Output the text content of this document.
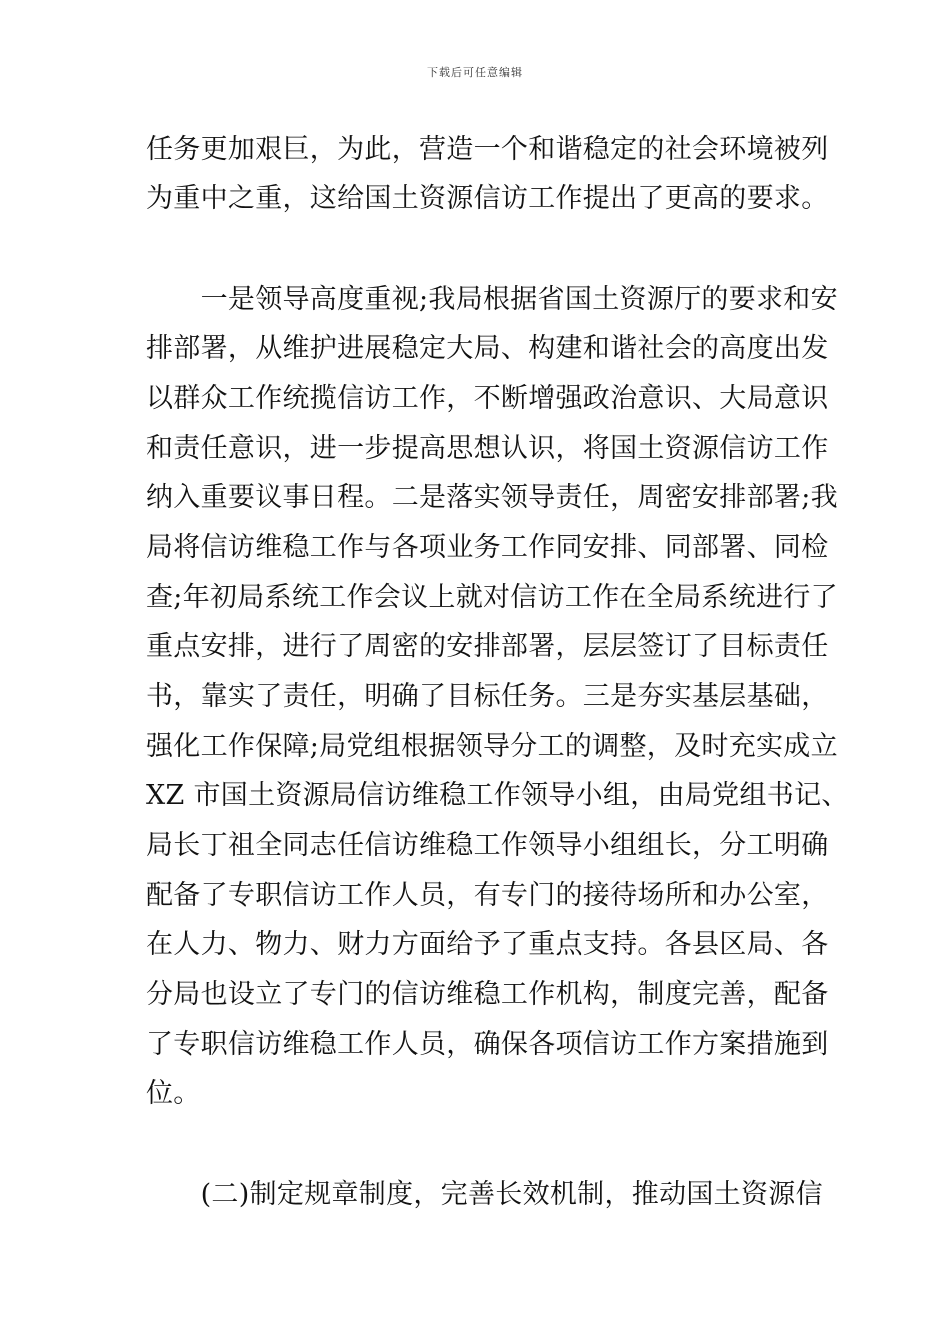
下载后可任意编辑
任务更加艰巨，为此，营造一个和谐稳定的社会环境被列
为重中之重，这给国土资源信访工作提出了更高的要求。
　　一是领导高度重视;我局根据省国土资源厅的要求和安
排部署，从维护进展稳定大局、构建和谐社会的高度出发
以群众工作统揽信访工作，不断增强政治意识、大局意识
和责任意识，进一步提高思想认识，将国土资源信访工作
纳入重要议事日程。二是落实领导责任，周密安排部署;我
局将信访维稳工作与各项业务工作同安排、同部署、同检
查;年初局系统工作会议上就对信访工作在全局系统进行了
重点安排，进行了周密的安排部署，层层签订了目标责任
书，靠实了责任，明确了目标任务。三是夯实基层基础，
强化工作保障;局党组根据领导分工的调整，及时充实成立
XZ 市国土资源局信访维稳工作领导小组，由局党组书记、
局长丁祖全同志任信访维稳工作领导小组组长，分工明确
配备了专职信访工作人员，有专门的接待场所和办公室，
在人力、物力、财力方面给予了重点支持。各县区局、各
分局也设立了专门的信访维稳工作机构，制度完善，配备
了专职信访维稳工作人员，确保各项信访工作方案措施到
位。
　　(二)制定规章制度，完善长效机制，推动国土资源信
